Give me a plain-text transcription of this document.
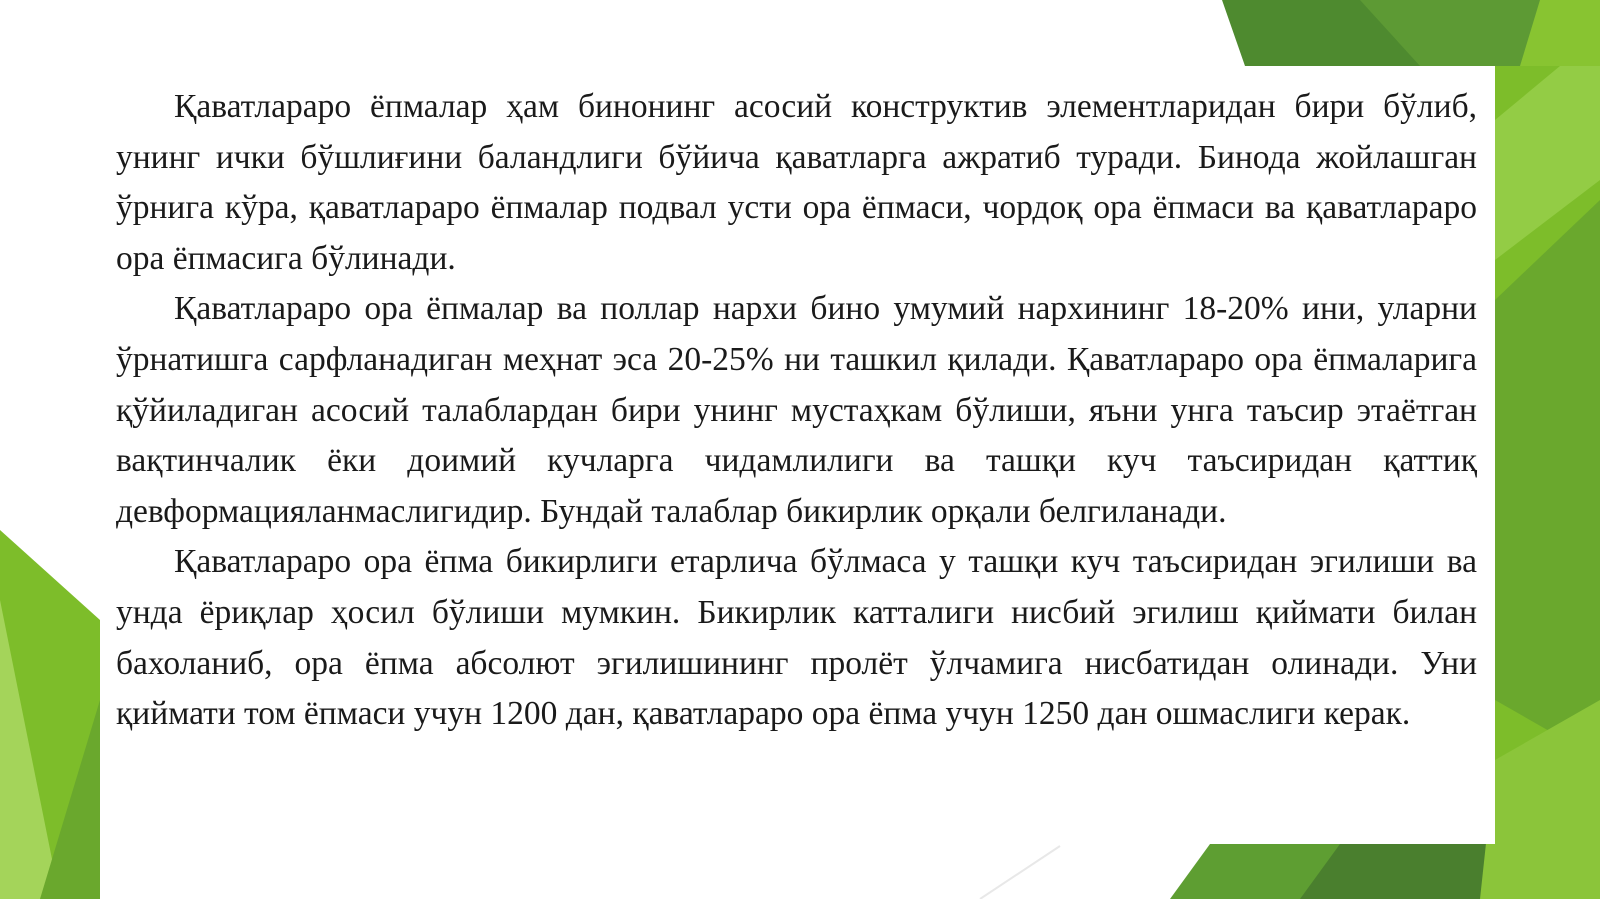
Қаватлараро ёпмалар ҳам бинонинг асосий конструктив элементларидан бири бўлиб, унинг ички бўшлиғини баландлиги бўйича қаватларга ажратиб туради. Бинода жойлашган ўрнига кўра, қаватлараро ёпмалар подвал усти ора ёпмаси, чордоқ ора ёпмаси ва қаватлараро ора ёпмасига бўлинади.

Қаватлараро ора ёпмалар ва поллар нархи бино умумий нархининг 18-20% ини, уларни ўрнатишга сарфланадиган меҳнат эса 20-25% ни ташкил қилади. Қаватлараро ора ёпмаларига қўйиладиган асосий талаблардан бири унинг мустаҳкам бўлиши, яъни унга таъсир этаётган вақтинчалик ёки доимий кучларга чидамлилиги ва ташқи куч таъсиридан қаттиқ девформацияланмаслигидир. Бундай талаблар бикирлик орқали белгиланади.

Қаватлараро ора ёпма бикирлиги етарлича бўлмаса у ташқи куч таъсиридан эгилиши ва унда ёриқлар ҳосил бўлиши мумкин. Бикирлик катталиги нисбий эгилиш қиймати билан бахоланиб, ора ёпма абсолют эгилишининг пролёт ўлчамига нисбатидан олинади. Уни қиймати том ёпмаси учун 1200 дан, қаватлараро ора ёпма учун 1250 дан ошмаслиги керак.
